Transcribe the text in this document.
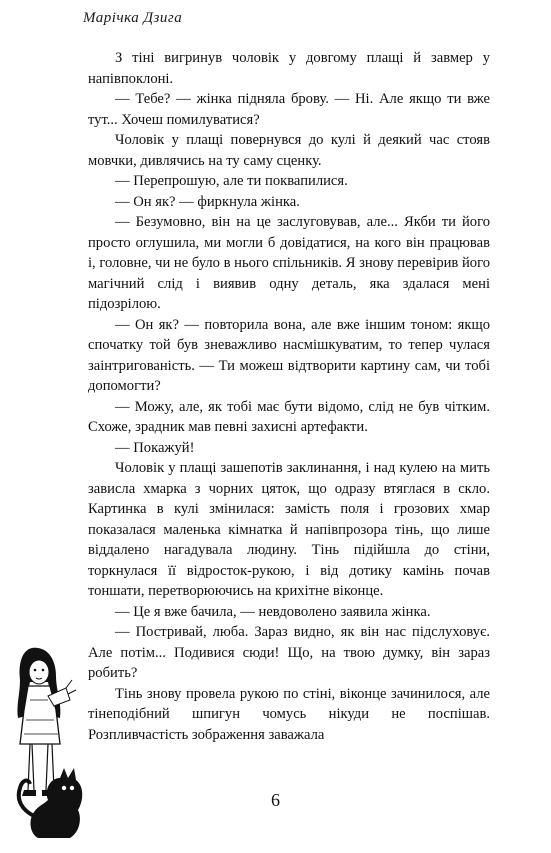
Марічка Дзига

З тіні вигринув чоловік у довгому плащі й завмер у напівпоклоні.

— Тебе? — жінка підняла брову. — Ні. Але якщо ти вже тут... Хочеш помилуватися?

Чоловік у плащі повернувся до кулі й деякий час стояв мовчки, дивлячись на ту саму сценку.

— Перепрошую, але ти поквапилися.

— Он як? — фиркнула жінка.

— Безумовно, він на це заслуговував, але... Якби ти його просто оглушила, ми могли б довідатися, на кого він працював і, головне, чи не було в нього спільників. Я знову перевірив його магічний слід і виявив одну деталь, яка здалася мені підозрілою.

— Он як? — повторила вона, але вже іншим тоном: якщо спочатку той був зневажливо насмішкуватим, то тепер чулася заінтригованість. — Ти можеш відтворити картину сам, чи тобі допомогти?

— Можу, але, як тобі має бути відомо, слід не був чітким. Схоже, зрадник мав певні захисні артефакти.

— Покажуй!

Чоловік у плащі зашепотів заклинання, і над кулею на мить зависла хмарка з чорних цяток, що одразу втяглася в скло. Картинка в кулі змінилася: замість поля і грозових хмар показалася маленька кімнатка й напівпрозора тінь, що лише віддалено нагадувала людину. Тінь підійшла до стіни, торкнулася її відросток-рукою, і від дотику камінь почав тоншати, перетворюючись на крихітне віконце.

— Це я вже бачила, — невдоволено заявила жінка.

— Постривай, люба. Зараз видно, як він нас підслуховує. Але потім... Подивися сюди! Що, на твою думку, він зараз робить?

Тінь знову провела рукою по стіні, віконце зачинилося, але тінеподібний шпигун чомусь нікуди не поспішав. Розпливчастість зображення заважала

6
